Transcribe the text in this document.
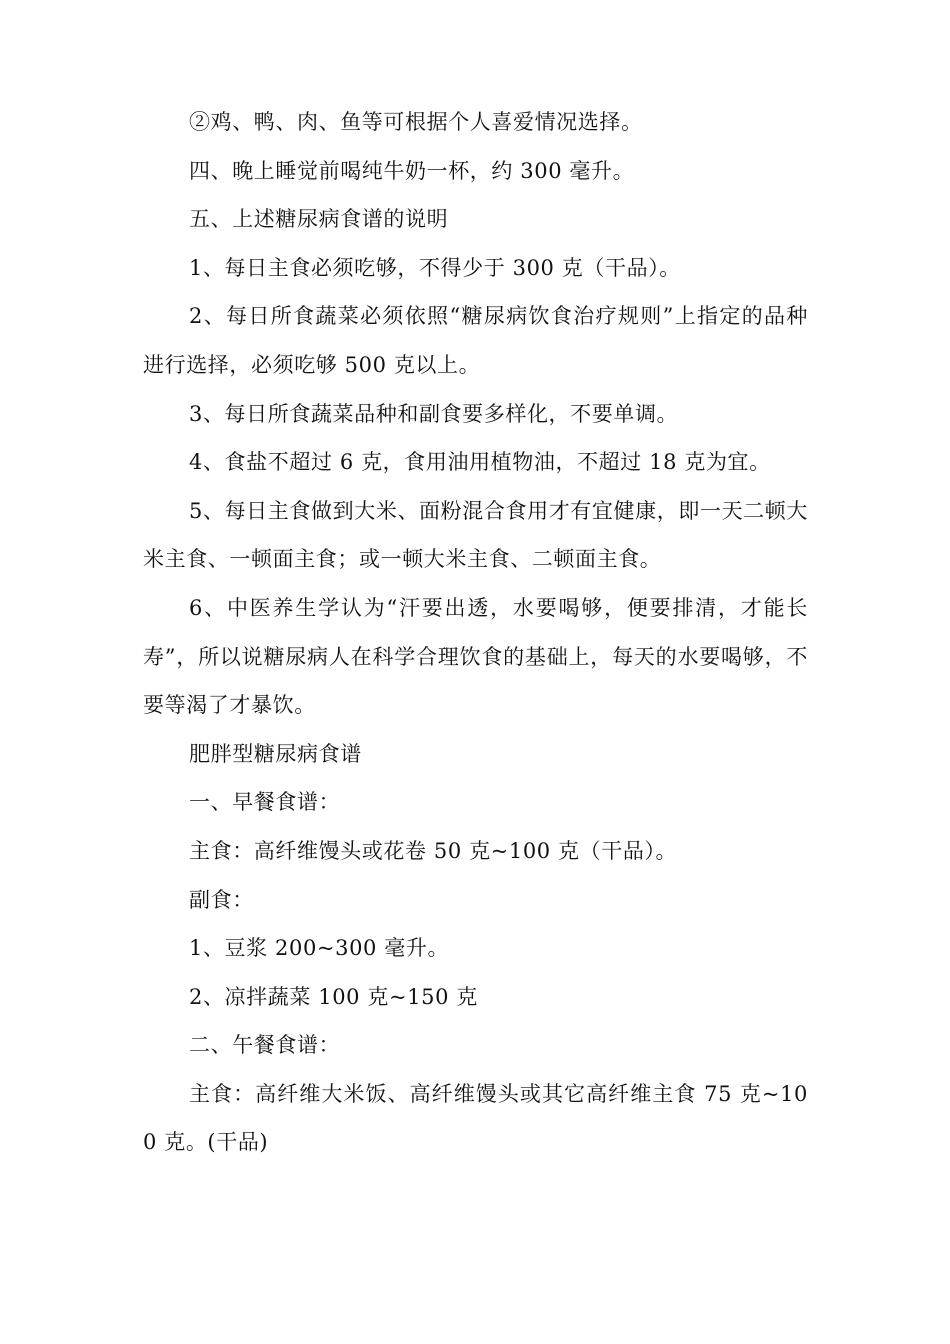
②鸡、鸭、肉、鱼等可根据个人喜爱情况选择。

四、晚上睡觉前喝纯牛奶一杯，约 300 毫升。

五、上述糖尿病食谱的说明

1、每日主食必须吃够，不得少于 300 克（干品）。

2、每日所食蔬菜必须依照“糖尿病饮食治疗规则”上指定的品种进行选择，必须吃够 500 克以上。

3、每日所食蔬菜品种和副食要多样化，不要单调。

4、食盐不超过 6 克，食用油用植物油，不超过 18 克为宜。

5、每日主食做到大米、面粉混合食用才有宜健康，即一天二顿大米主食、一顿面主食；或一顿大米主食、二顿面主食。

6、中医养生学认为“汗要出透，水要喝够，便要排清，才能长寿”，所以说糖尿病人在科学合理饮食的基础上，每天的水要喝够，不要等渴了才暴饮。

肥胖型糖尿病食谱

一、早餐食谱：

主食：高纤维馒头或花卷 50 克~100 克（干品）。

副食：

1、豆浆 200~300 毫升。

2、凉拌蔬菜 100 克~150 克

二、午餐食谱：

主食：高纤维大米饭、高纤维馒头或其它高纤维主食 75 克~100 克。(干品)
